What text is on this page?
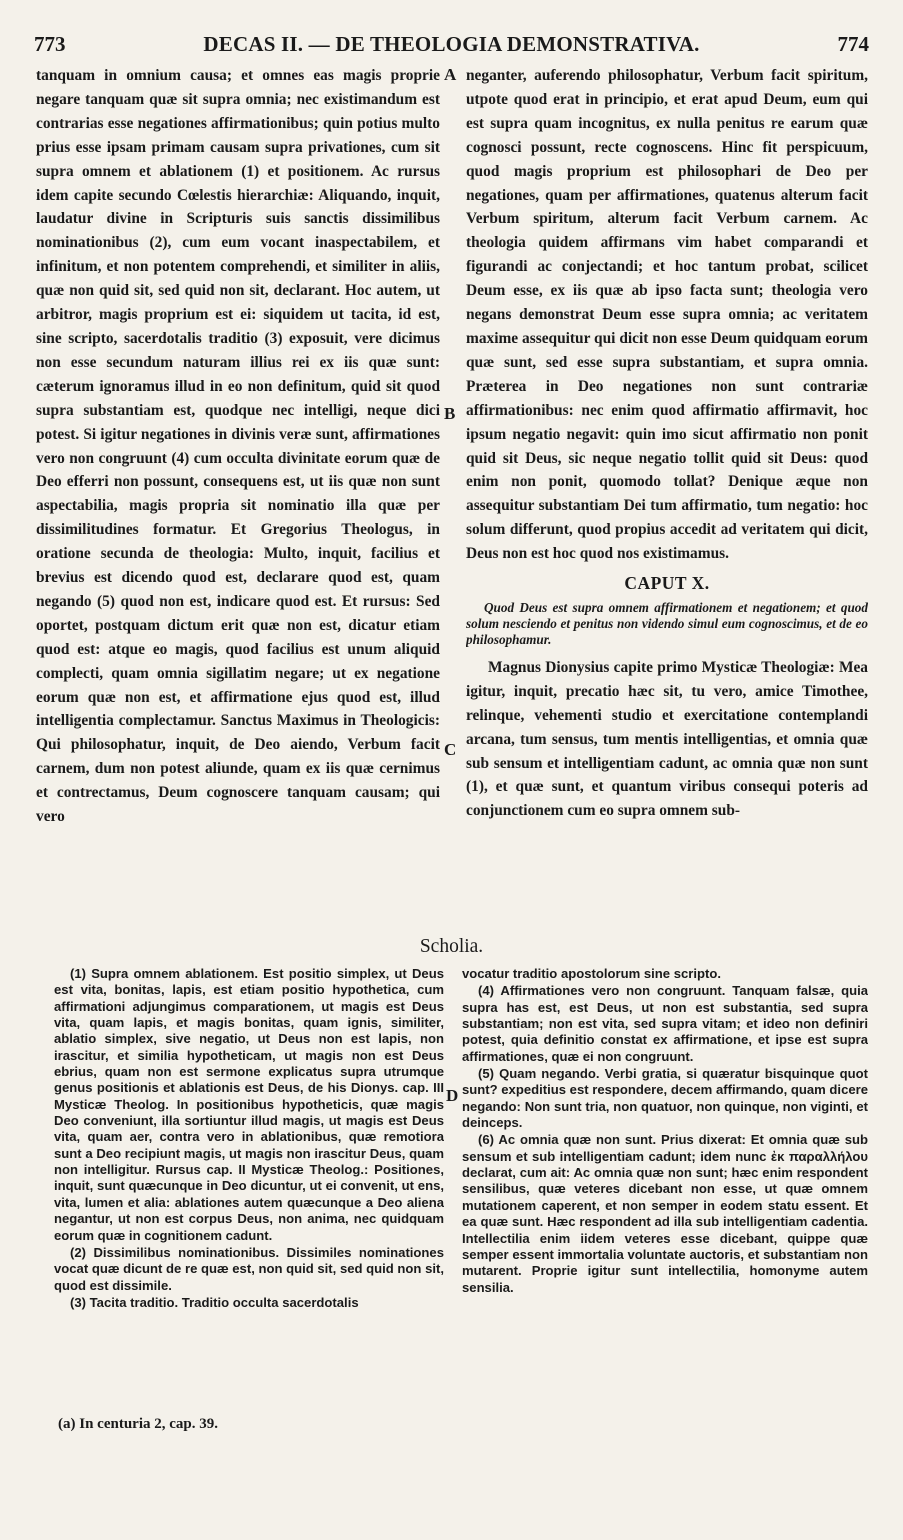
773	DECAS II. — DE THEOLOGIA DEMONSTRATIVA.	774

tanquam in omnium causa; et omnes eas magis proprie negare tanquam quæ sit supra omnia; nec existimandum est contrarias esse negationes affirmationibus; quin potius multo prius esse ipsam primam causam supra privationes, cum sit supra omnem et ablationem (1) et positionem. Ac rursus idem capite secundo Cœlestis hierarchiæ: Aliquando, inquit, laudatur divine in Scripturis suis sanctis dissimilibus nominationibus (2), cum eum vocant inaspectabilem, et infinitum, et non potentem comprehendi, et similiter in aliis, quæ non quid sit, sed quid non sit, declarant. Hoc autem, ut arbitror, magis proprium est ei: siquidem ut tacita, id est, sine scripto, sacerdotalis traditio (3) exposuit, vere dicimus non esse secundum naturam illius rei ex iis quæ sunt: cæterum ignoramus illud in eo non definitum, quid sit quod supra substantiam est, quodque nec intelligi, neque dici potest. Si igitur negationes in divinis veræ sunt, affirmationes vero non congruunt (4) cum occulta divinitate eorum quæ de Deo efferri non possunt, consequens est, ut iis quæ non sunt aspectabilia, magis propria sit nominatio illa quæ per dissimilitudines formatur. Et Gregorius Theologus, in oratione secunda de theologia: Multo, inquit, facilius et brevius est dicendo quod est, declarare quod est, quam negando (5) quod non est, indicare quod est. Et rursus: Sed oportet, postquam dictum erit quæ non est, dicatur etiam quod est: atque eo magis, quod facilius est unum aliquid complecti, quam omnia sigillatim negare; ut ex negatione eorum quæ non est, et affirmatione ejus quod est, illud intelligentia complectamur. Sanctus Maximus in Theologicis: Qui philosophatur, inquit, de Deo aiendo, Verbum facit carnem, dum non potest aliunde, quam ex iis quæ cernimus et contrectamus, Deum cognoscere tanquam causam; qui vero

neganter, auferendo philosophatur, Verbum facit spiritum, utpote quod erat in principio, et erat apud Deum, eum qui est supra quam incognitus, ex nulla penitus re earum quæ cognosci possunt, recte cognoscens. Hinc fit perspicuum, quod magis proprium est philosophari de Deo per negationes, quam per affirmationes, quatenus alterum facit Verbum spiritum, alterum facit Verbum carnem. Ac theologia quidem affirmans vim habet comparandi et figurandi ac conjectandi; et hoc tantum probat, scilicet Deum esse, ex iis quæ ab ipso facta sunt; theologia vero negans demonstrat Deum esse supra omnia; ac veritatem maxime assequitur qui dicit non esse Deum quidquam eorum quæ sunt, sed esse supra substantiam, et supra omnia. Præterea in Deo negationes non sunt contrariæ affirmationibus: nec enim quod affirmatio affirmavit, hoc ipsum negatio negavit: quin imo sicut affirmatio non ponit quid sit Deus, sic neque negatio tollit quid sit Deus: quod enim non ponit, quomodo tollat? Denique æque non assequitur substantiam Dei tum affirmatio, tum negatio: hoc solum differunt, quod propius accedit ad veritatem qui dicit, Deus non est hoc quod nos existimamus.

CAPUT X.
Quod Deus est supra omnem affirmationem et negationem; et quod solum nesciendo et penitus non videndo simul eum cognoscimus, et de eo philosophamur.

Magnus Dionysius capite primo Mysticæ Theologiæ: Mea igitur, inquit, precatio hæc sit, tu vero, amice Timothee, relinque, vehementi studio et exercitatione contemplandi arcana, tum sensus, tum mentis intelligentias, et omnia quæ sub sensum et intelligentiam cadunt, ac omnia quæ non sunt (1), et quæ sunt, et quantum viribus consequi poteris ad conjunctionem cum eo supra omnem sub-

A
B
C
D
Scholia.

(1) Supra omnem ablationem. Est positio simplex, ut Deus est vita, bonitas, lapis, est etiam positio hypothetica, cum affirmationi adjungimus comparationem, ut magis est Deus vita, quam lapis, et magis bonitas, quam ignis, similiter, ablatio simplex, sive negatio, ut Deus non est lapis, non irascitur, et similia hypotheticam, ut magis non est Deus ebrius, quam non est sermone explicatus supra utrumque genus positionis et ablationis est Deus, de his Dionys. cap. III Mysticæ Theolog. In positionibus hypotheticis, quæ magis Deo conveniunt, illa sortiuntur illud magis, ut magis est Deus vita, quam aer, contra vero in ablationibus, quæ remotiora sunt a Deo recipiunt magis, ut magis non irascitur Deus, quam non intelligitur. Rursus cap. II Mysticæ Theolog.: Positiones, inquit, sunt quæcunque in Deo dicuntur, ut ei convenit, ut ens, vita, lumen et alia: ablationes autem quæcunque a Deo aliena negantur, ut non est corpus Deus, non anima, nec quidquam eorum quæ in cognitionem cadunt.

(2) Dissimilibus nominationibus. Dissimiles nominationes vocat quæ dicunt de re quæ est, non quid sit, sed quid non sit, quod est dissimile.

(3) Tacita traditio. Traditio occulta sacerdotalis

vocatur traditio apostolorum sine scripto.

(4) Affirmationes vero non congruunt. Tanquam falsæ, quia supra has est, est Deus, ut non est substantia, sed supra substantiam; non est vita, sed supra vitam; et ideo non definiri potest, quia definitio constat ex affirmatione, et ipse est supra affirmationes, quæ ei non congruunt.

(5) Quam negando. Verbi gratia, si quæratur bisquinque quot sunt? expeditius est respondere, decem affirmando, quam dicere negando: Non sunt tria, non quatuor, non quinque, non viginti, et deinceps.

(6) Ac omnia quæ non sunt. Prius dixerat: Et omnia quæ sub sensum et sub intelligentiam cadunt; idem nunc ἐκ παραλλήλου declarat, cum ait: Ac omnia quæ non sunt; hæc enim respondent sensilibus, quæ veteres dicebant non esse, ut quæ omnem mutationem caperent, et non semper in eodem statu essent. Et ea quæ sunt. Hæc respondent ad illa sub intelligentiam cadentia. Intellectilia enim iidem veteres esse dicebant, quippe quæ semper essent immortalia voluntate auctoris, et substantiam non mutarent. Proprie igitur sunt intellectilia, homonyme autem sensilia.

(a) In centuria 2, cap. 39.
